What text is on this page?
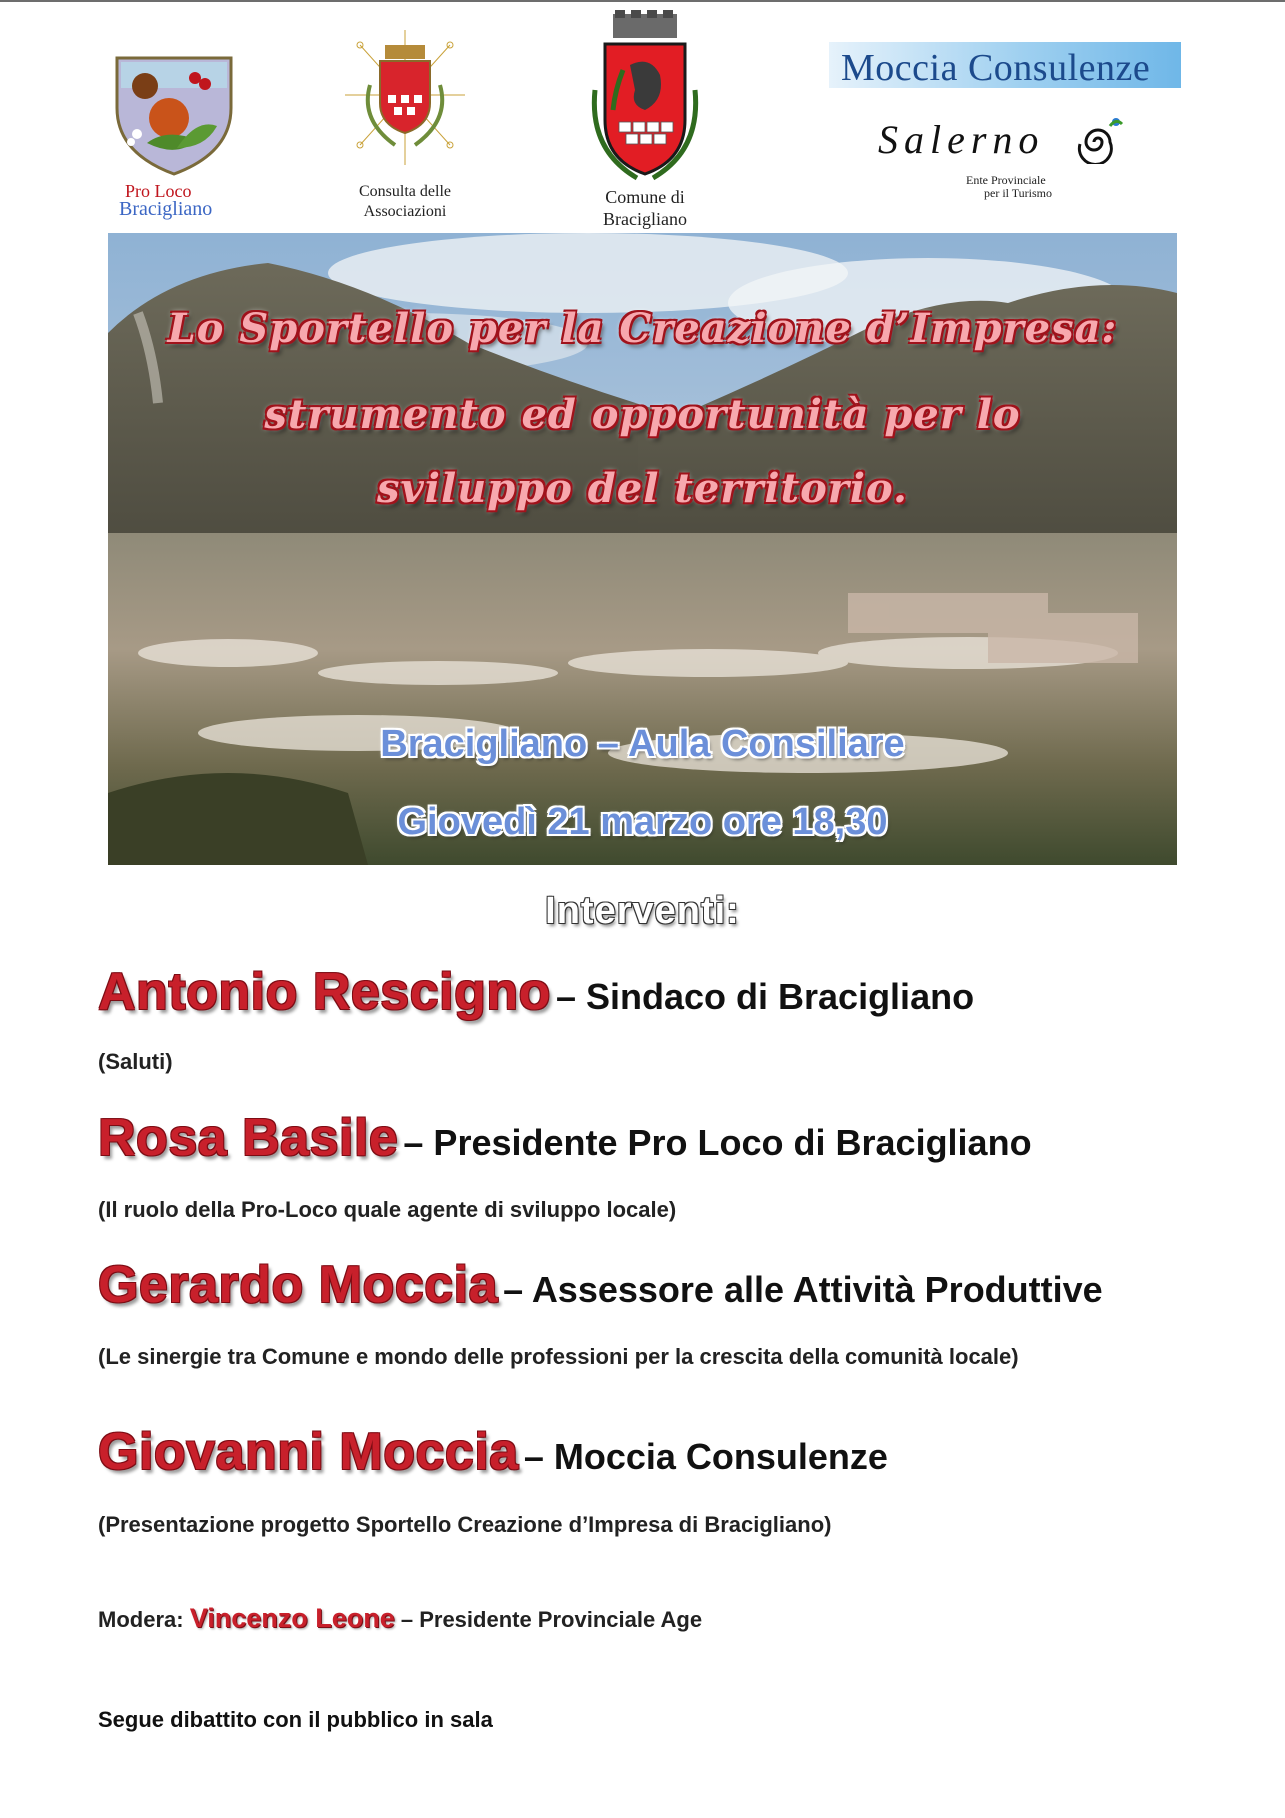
Pro Loco
Bracigliano
Consulta delle
Associazioni
Comune di
Bracigliano
Moccia Consulenze
Salerno
Ente Provinciale
per il Turismo
Lo Sportello per la Creazione d’Impresa:
strumento ed opportunità per lo
sviluppo del territorio.
Bracigliano – Aula Consiliare
Giovedì 21 marzo ore 18,30
Interventi:
Antonio Rescigno – Sindaco di Bracigliano
(Saluti)
Rosa Basile – Presidente Pro Loco di Bracigliano
(Il ruolo della Pro-Loco quale agente di sviluppo locale)
Gerardo Moccia – Assessore alle Attività Produttive
(Le sinergie tra Comune e mondo delle professioni per la crescita della comunità locale)
Giovanni Moccia – Moccia Consulenze
(Presentazione progetto Sportello Creazione d’Impresa di Bracigliano)
Modera: Vincenzo Leone – Presidente Provinciale Age
Segue dibattito con il pubblico in sala
